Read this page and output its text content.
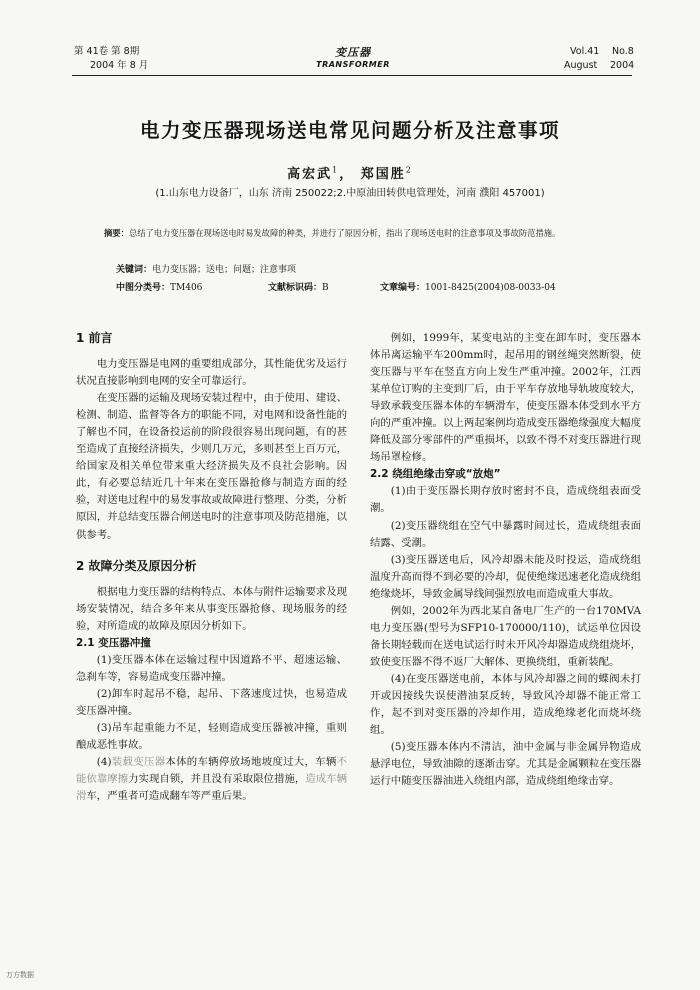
第 41卷 第 8期
2004 年 8 月
变压器
TRANSFORMER
Vol.41 No.8
August 2004
电力变压器现场送电常见问题分析及注意事项
高宏武$^1$， 郑国胜$^2$
(1.山东电力设备厂，山东 济南 250022;2.中原油田转供电管理处，河南 濮阳 457001)
摘要：总结了电力变压器在现场送电时易发故障的种类，并进行了原因分析，指出了现场送电时的注意事项及事故防范措施。
关键词：电力变压器；送电；问题；注意事项
中图分类号：TM406	文献标识码：B	文章编号：1001-8425(2004)08-0033-04
1 前言

电力变压器是电网的重要组成部分，其性能优劣及运行状况直接影响到电网的安全可靠运行。

在变压器的运输及现场安装过程中，由于使用、建设、检测、制造、监督等各方的职能不同，对电网和设备性能的了解也不同，在设备投运前的阶段很容易出现问题，有的甚至造成了直接经济损失，少则几万元，多则甚至上百万元，给国家及相关单位带来重大经济损失及不良社会影响。因此，有必要总结近几十年来在变压器抢修与制造方面的经验，对送电过程中的易发事故或故障进行整理、分类，分析原因，并总结变压器合闸送电时的注意事项及防范措施，以供参考。

2 故障分类及原因分析

根据电力变压器的结构特点、本体与附件运输要求及现场安装情况，结合多年来从事变压器抢修、现场服务的经验，对所造成的故障及原因分析如下。

2.1 变压器冲撞

(1)变压器本体在运输过程中因道路不平、超速运输、急刹车等，容易造成变压器冲撞。

(2)卸车时起吊不稳，起吊、下落速度过快，也易造成变压器冲撞。

(3)吊车起重能力不足，轻则造成变压器被冲撞，重则酿成恶性事故。

(4)装载变压器本体的车辆停放场地坡度过大，车辆不能依靠摩擦力实现自锁，并且没有采取限位措施，造成车辆滑车，严重者可造成翻车等严重后果。

例如，1999年，某变电站的主变在卸车时，变压器本体吊离运输平车200mm时，起吊用的钢丝绳突然断裂，使变压器与平车在竖直方向上发生严重冲撞。2002年，江西某单位订购的主变到厂后，由于平车存放地导轨坡度较大，导致承载变压器本体的车辆滑车，使变压器本体受到水平方向的严重冲撞。以上两起案例均造成变压器绝缘强度大幅度降低及部分零部件的严重损坏，以致不得不对变压器进行现场吊罩检修。

2.2 绕组绝缘击穿或“放炮”

(1)由于变压器长期存放时密封不良，造成绕组表面受潮。

(2)变压器绕组在空气中暴露时间过长，造成绕组表面结露、受潮。

(3)变压器送电后，风冷却器未能及时投运，造成绕组温度升高而得不到必要的冷却，促使绝缘迅速老化造成绕组绝缘烧坏，导致金属导线间强烈放电而造成重大事故。

例如，2002年为西北某自备电厂生产的一台170MVA电力变压器(型号为SFP10-170000/110)，试运单位因设备长期轻载而在送电试运行时未开风冷却器造成绕组烧坏，致使变压器不得不返厂大解体、更换绕组，重新装配。

(4)在变压器送电前，本体与风冷却器之间的蝶阀未打开或因接线失误使潜油泵反转，导致风冷却器不能正常工作，起不到对变压器的冷却作用，造成绝缘老化而烧坏绕组。

(5)变压器本体内不清洁，油中金属与非金属异物造成悬浮电位，导致油隙的逐渐击穿。尤其是金属颗粒在变压器运行中随变压器油进入绕组内部，造成绕组绝缘击穿。

万方数据
